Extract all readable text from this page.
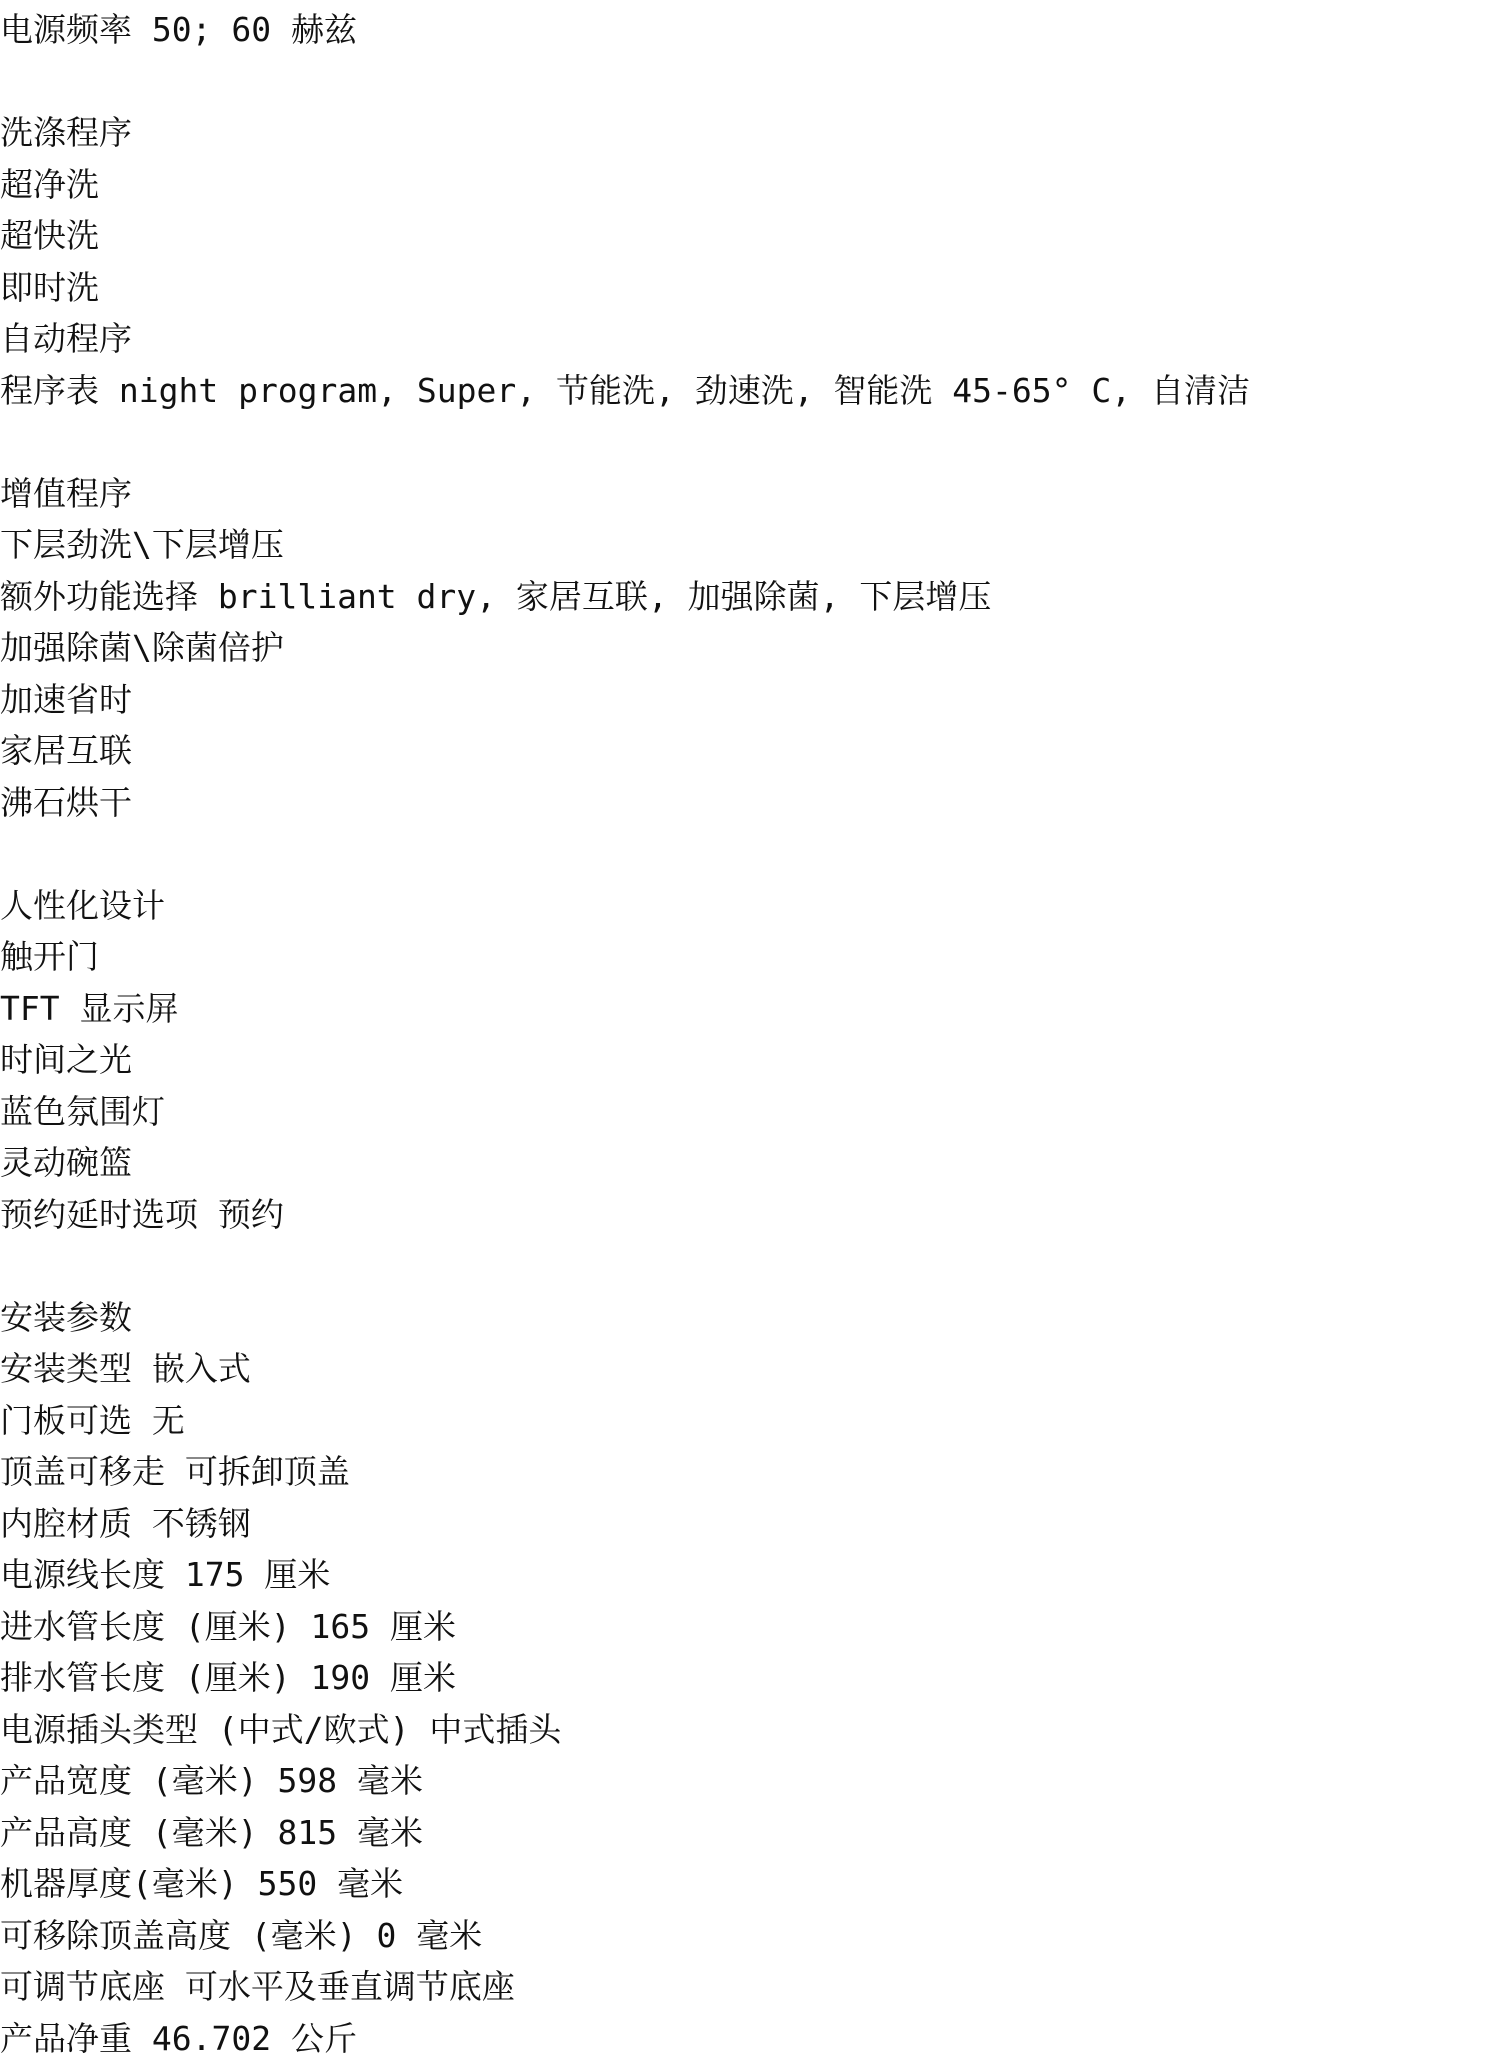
电源频率 50; 60 赫兹
洗涤程序
超净洗
超快洗
即时洗
自动程序
程序表 night program, Super, 节能洗, 劲速洗, 智能洗 45-65° C, 自清洁
增值程序
下层劲洗\下层增压
额外功能选择 brilliant dry, 家居互联, 加强除菌, 下层增压
加强除菌\除菌倍护
加速省时
家居互联
沸石烘干
人性化设计
触开门
TFT 显示屏
时间之光
蓝色氛围灯
灵动碗篮
预约延时选项 预约
安装参数
安装类型 嵌入式
门板可选 无
顶盖可移走 可拆卸顶盖
内腔材质 不锈钢
电源线长度 175 厘米
进水管长度 (厘米) 165 厘米
排水管长度 (厘米) 190 厘米
电源插头类型 (中式/欧式) 中式插头
产品宽度 (毫米) 598 毫米
产品高度 (毫米) 815 毫米
机器厚度(毫米) 550 毫米
可移除顶盖高度 (毫米) 0 毫米
可调节底座 可水平及垂直调节底座
产品净重 46.702 公斤
